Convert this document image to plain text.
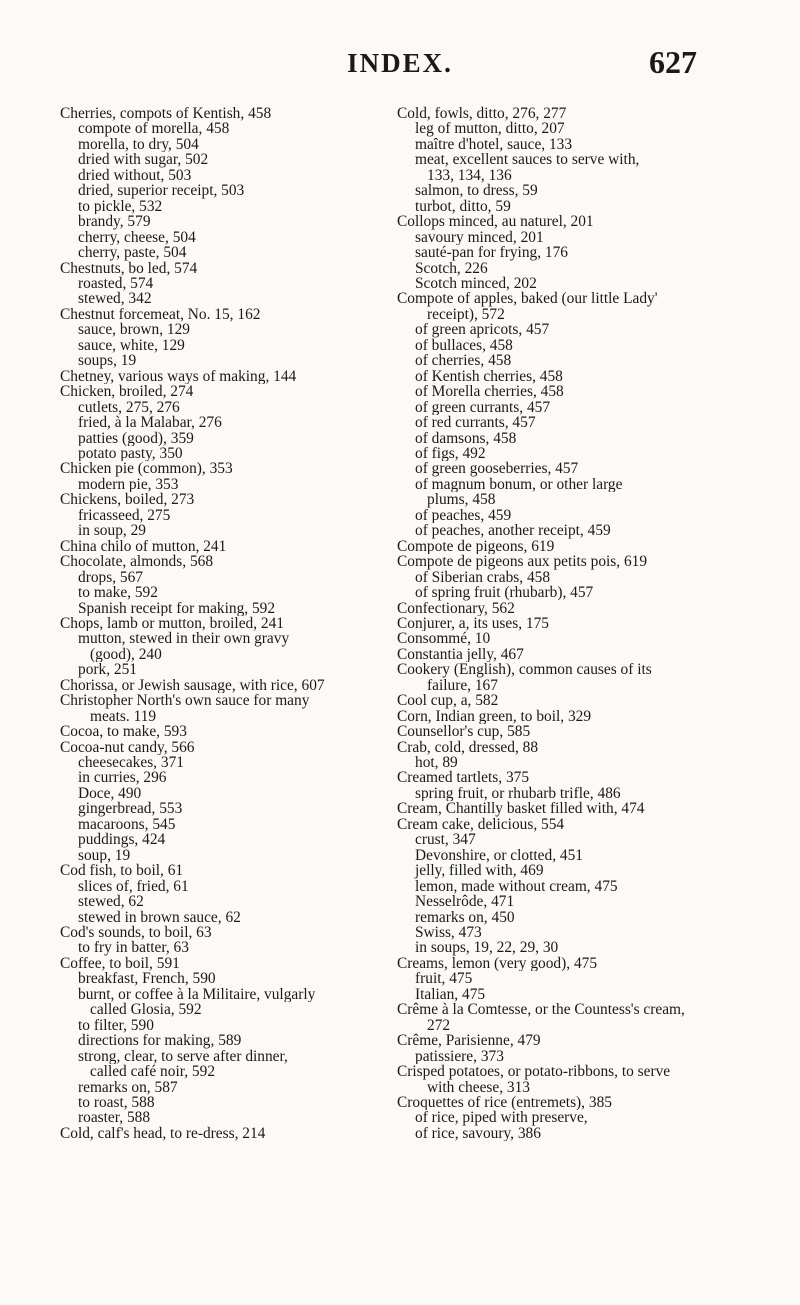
INDEX.	627
Cherries, compots of Kentish, 458
compote of morella, 458
morella, to dry, 504
dried with sugar, 502
dried without, 503
dried, superior receipt, 503
to pickle, 532
brandy, 579
cherry, cheese, 504
cherry, paste, 504
Chestnuts, bo led, 574
roasted, 574
stewed, 342
Chestnut forcemeat, No. 15, 162
sauce, brown, 129
sauce, white, 129
soups, 19
Chetney, various ways of making, 144
Chicken, broiled, 274
cutlets, 275, 276
fried, à la Malabar, 276
patties (good), 359
potato pasty, 350
Chicken pie (common), 353
modern pie, 353
Chickens, boiled, 273
fricasseed, 275
in soup, 29
China chilo of mutton, 241
Chocolate, almonds, 568
drops, 567
to make, 592
Spanish receipt for making, 592
Chops, lamb or mutton, broiled, 241
mutton, stewed in their own gravy
(good), 240
pork, 251
Chorissa, or Jewish sausage, with rice, 607
Christopher North's own sauce for many
meats. 119
Cocoa, to make, 593
Cocoa-nut candy, 566
cheesecakes, 371
in curries, 296
Doce, 490
gingerbread, 553
macaroons, 545
puddings, 424
soup, 19
Cod fish, to boil, 61
slices of, fried, 61
stewed, 62
stewed in brown sauce, 62
Cod's sounds, to boil, 63
to fry in batter, 63
Coffee, to boil, 591
breakfast, French, 590
burnt, or coffee à la Militaire, vulgarly
called Glosia, 592
to filter, 590
directions for making, 589
strong, clear, to serve after dinner,
called café noir, 592
remarks on, 587
to roast, 588
roaster, 588
Cold, calf's head, to re-dress, 214
Cold, fowls, ditto, 276, 277
leg of mutton, ditto, 207
maître d'hotel, sauce, 133
meat, excellent sauces to serve with,
133, 134, 136
salmon, to dress, 59
turbot, ditto, 59
Collops minced, au naturel, 201
savoury minced, 201
sauté-pan for frying, 176
Scotch, 226
Scotch minced, 202
Compote of apples, baked (our little Lady'
receipt), 572
of green apricots, 457
of bullaces, 458
of cherries, 458
of Kentish cherries, 458
of Morella cherries, 458
of green currants, 457
of red currants, 457
of damsons, 458
of figs, 492
of green gooseberries, 457
of magnum bonum, or other large
plums, 458
of peaches, 459
of peaches, another receipt, 459
Compote de pigeons, 619
Compote de pigeons aux petits pois, 619
of Siberian crabs, 458
of spring fruit (rhubarb), 457
Confectionary, 562
Conjurer, a, its uses, 175
Consommé, 10
Constantia jelly, 467
Cookery (English), common causes of its
failure, 167
Cool cup, a, 582
Corn, Indian green, to boil, 329
Counsellor's cup, 585
Crab, cold, dressed, 88
hot, 89
Creamed tartlets, 375
spring fruit, or rhubarb trifle, 486
Cream, Chantilly basket filled with, 474
Cream cake, delicious, 554
crust, 347
Devonshire, or clotted, 451
jelly, filled with, 469
lemon, made without cream, 475
Nesselrôde, 471
remarks on, 450
Swiss, 473
in soups, 19, 22, 29, 30
Creams, lemon (very good), 475
fruit, 475
Italian, 475
Crême à la Comtesse, or the Countess's cream,
272
Crême, Parisienne, 479
patissiere, 373
Crisped potatoes, or potato-ribbons, to serve
with cheese, 313
Croquettes of rice (entremets), 385
of rice, piped with preserve,
of rice, savoury, 386
